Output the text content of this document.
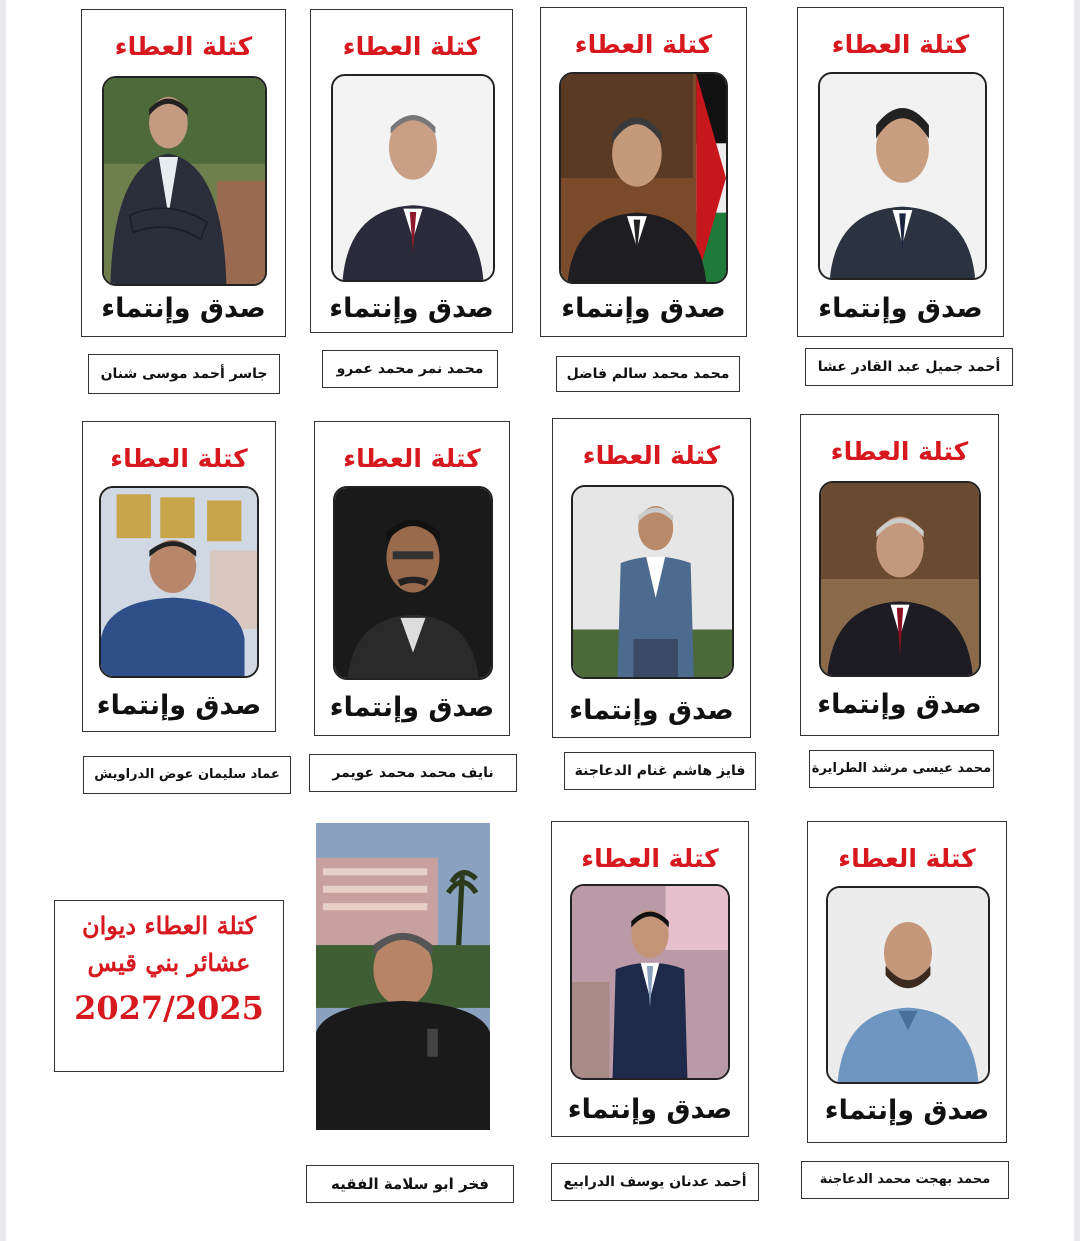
كتلة العطاء
صدق وإنتماء
كتلة العطاء
صدق وإنتماء
كتلة العطاء
صدق وإنتماء
كتلة العطاء
صدق وإنتماء
أحمد جميل عبد القادر عشا
محمد محمد سالم فاضل
محمد نمر محمد عمرو
جاسر أحمد موسى شنان
كتلة العطاء
صدق وإنتماء
كتلة العطاء
صدق وإنتماء
كتلة العطاء
صدق وإنتماء
كتلة العطاء
صدق وإنتماء
محمد عيسى مرشد الطرايرة
فايز هاشم غنام الدعاجنة
نايف محمد محمد عويمر
عماد سليمان عوض الدراويش
كتلة العطاء
صدق وإنتماء
كتلة العطاء
صدق وإنتماء
كتلة العطاء ديوان
عشائر بني قيس
2027/2025
محمد بهجت محمد الدعاجنة
أحمد عدنان يوسف الدرابيع
فخر ابو سلامة الفقيه
